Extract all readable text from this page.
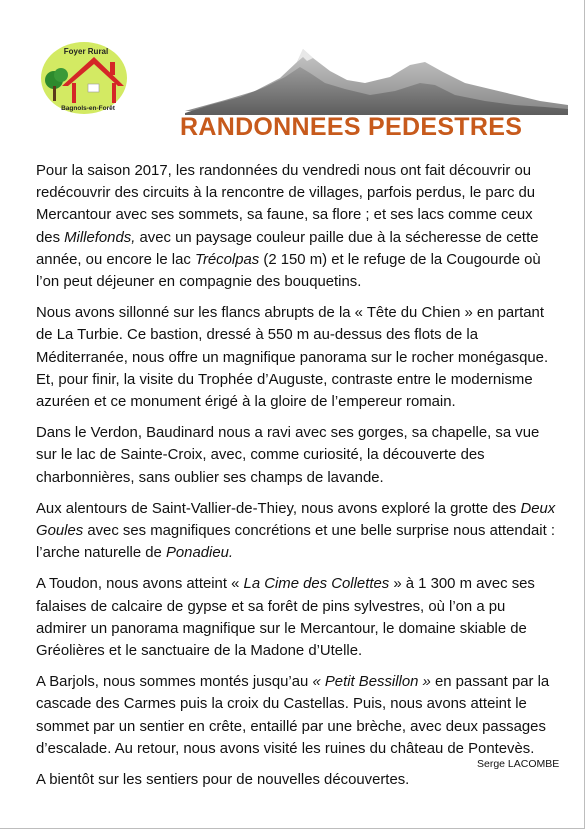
Foyer Rural
Bagnols-en-Forêt
RANDONNEES PEDESTRES

Pour la saison 2017, les randonnées du vendredi nous ont fait découvrir ou redécouvrir des circuits à la rencontre de villages, parfois perdus, le parc du Mercantour avec ses sommets, sa faune, sa flore ; et ses lacs comme ceux des Millefonds, avec un paysage couleur paille due à la sécheresse de cette année, ou encore le lac Trécolpas (2 150 m) et le refuge de la Cougourde où l’on peut déjeuner en compagnie des bouquetins.

Nous avons sillonné sur les flancs abrupts de la « Tête du Chien » en partant de La Turbie. Ce bastion, dressé à 550 m au-dessus des flots de la Méditerranée, nous offre un magnifique panorama sur le rocher monégasque. Et, pour finir, la visite du Trophée d’Auguste, contraste entre le modernisme azuréen et ce monument érigé à la gloire de l’empereur romain.

Dans le Verdon, Baudinard nous a ravi avec ses gorges, sa chapelle, sa vue sur le lac de Sainte-Croix, avec, comme curiosité, la découverte des charbonnières, sans oublier ses champs de lavande.

Aux alentours de Saint-Vallier-de-Thiey, nous avons exploré la grotte des Deux Goules avec ses magnifiques concrétions et une belle surprise nous attendait : l’arche naturelle de Ponadieu.

A Toudon, nous avons atteint « La Cime des Collettes » à 1 300 m avec ses falaises de calcaire de gypse et sa forêt de pins sylvestres, où l’on a pu admirer un panorama magnifique sur le Mercantour, le domaine skiable de Gréolières et le sanctuaire de la Madone d’Utelle.

A Barjols, nous sommes montés jusqu’au « Petit Bessillon » en passant par la cascade des Carmes puis la croix du Castellas. Puis, nous avons atteint le sommet par un sentier en crête, entaillé par une brèche, avec deux passages d’escalade. Au retour, nous avons visité les ruines du château de Pontevès.

A bientôt sur les sentiers pour de nouvelles découvertes.

Serge LACOMBE
